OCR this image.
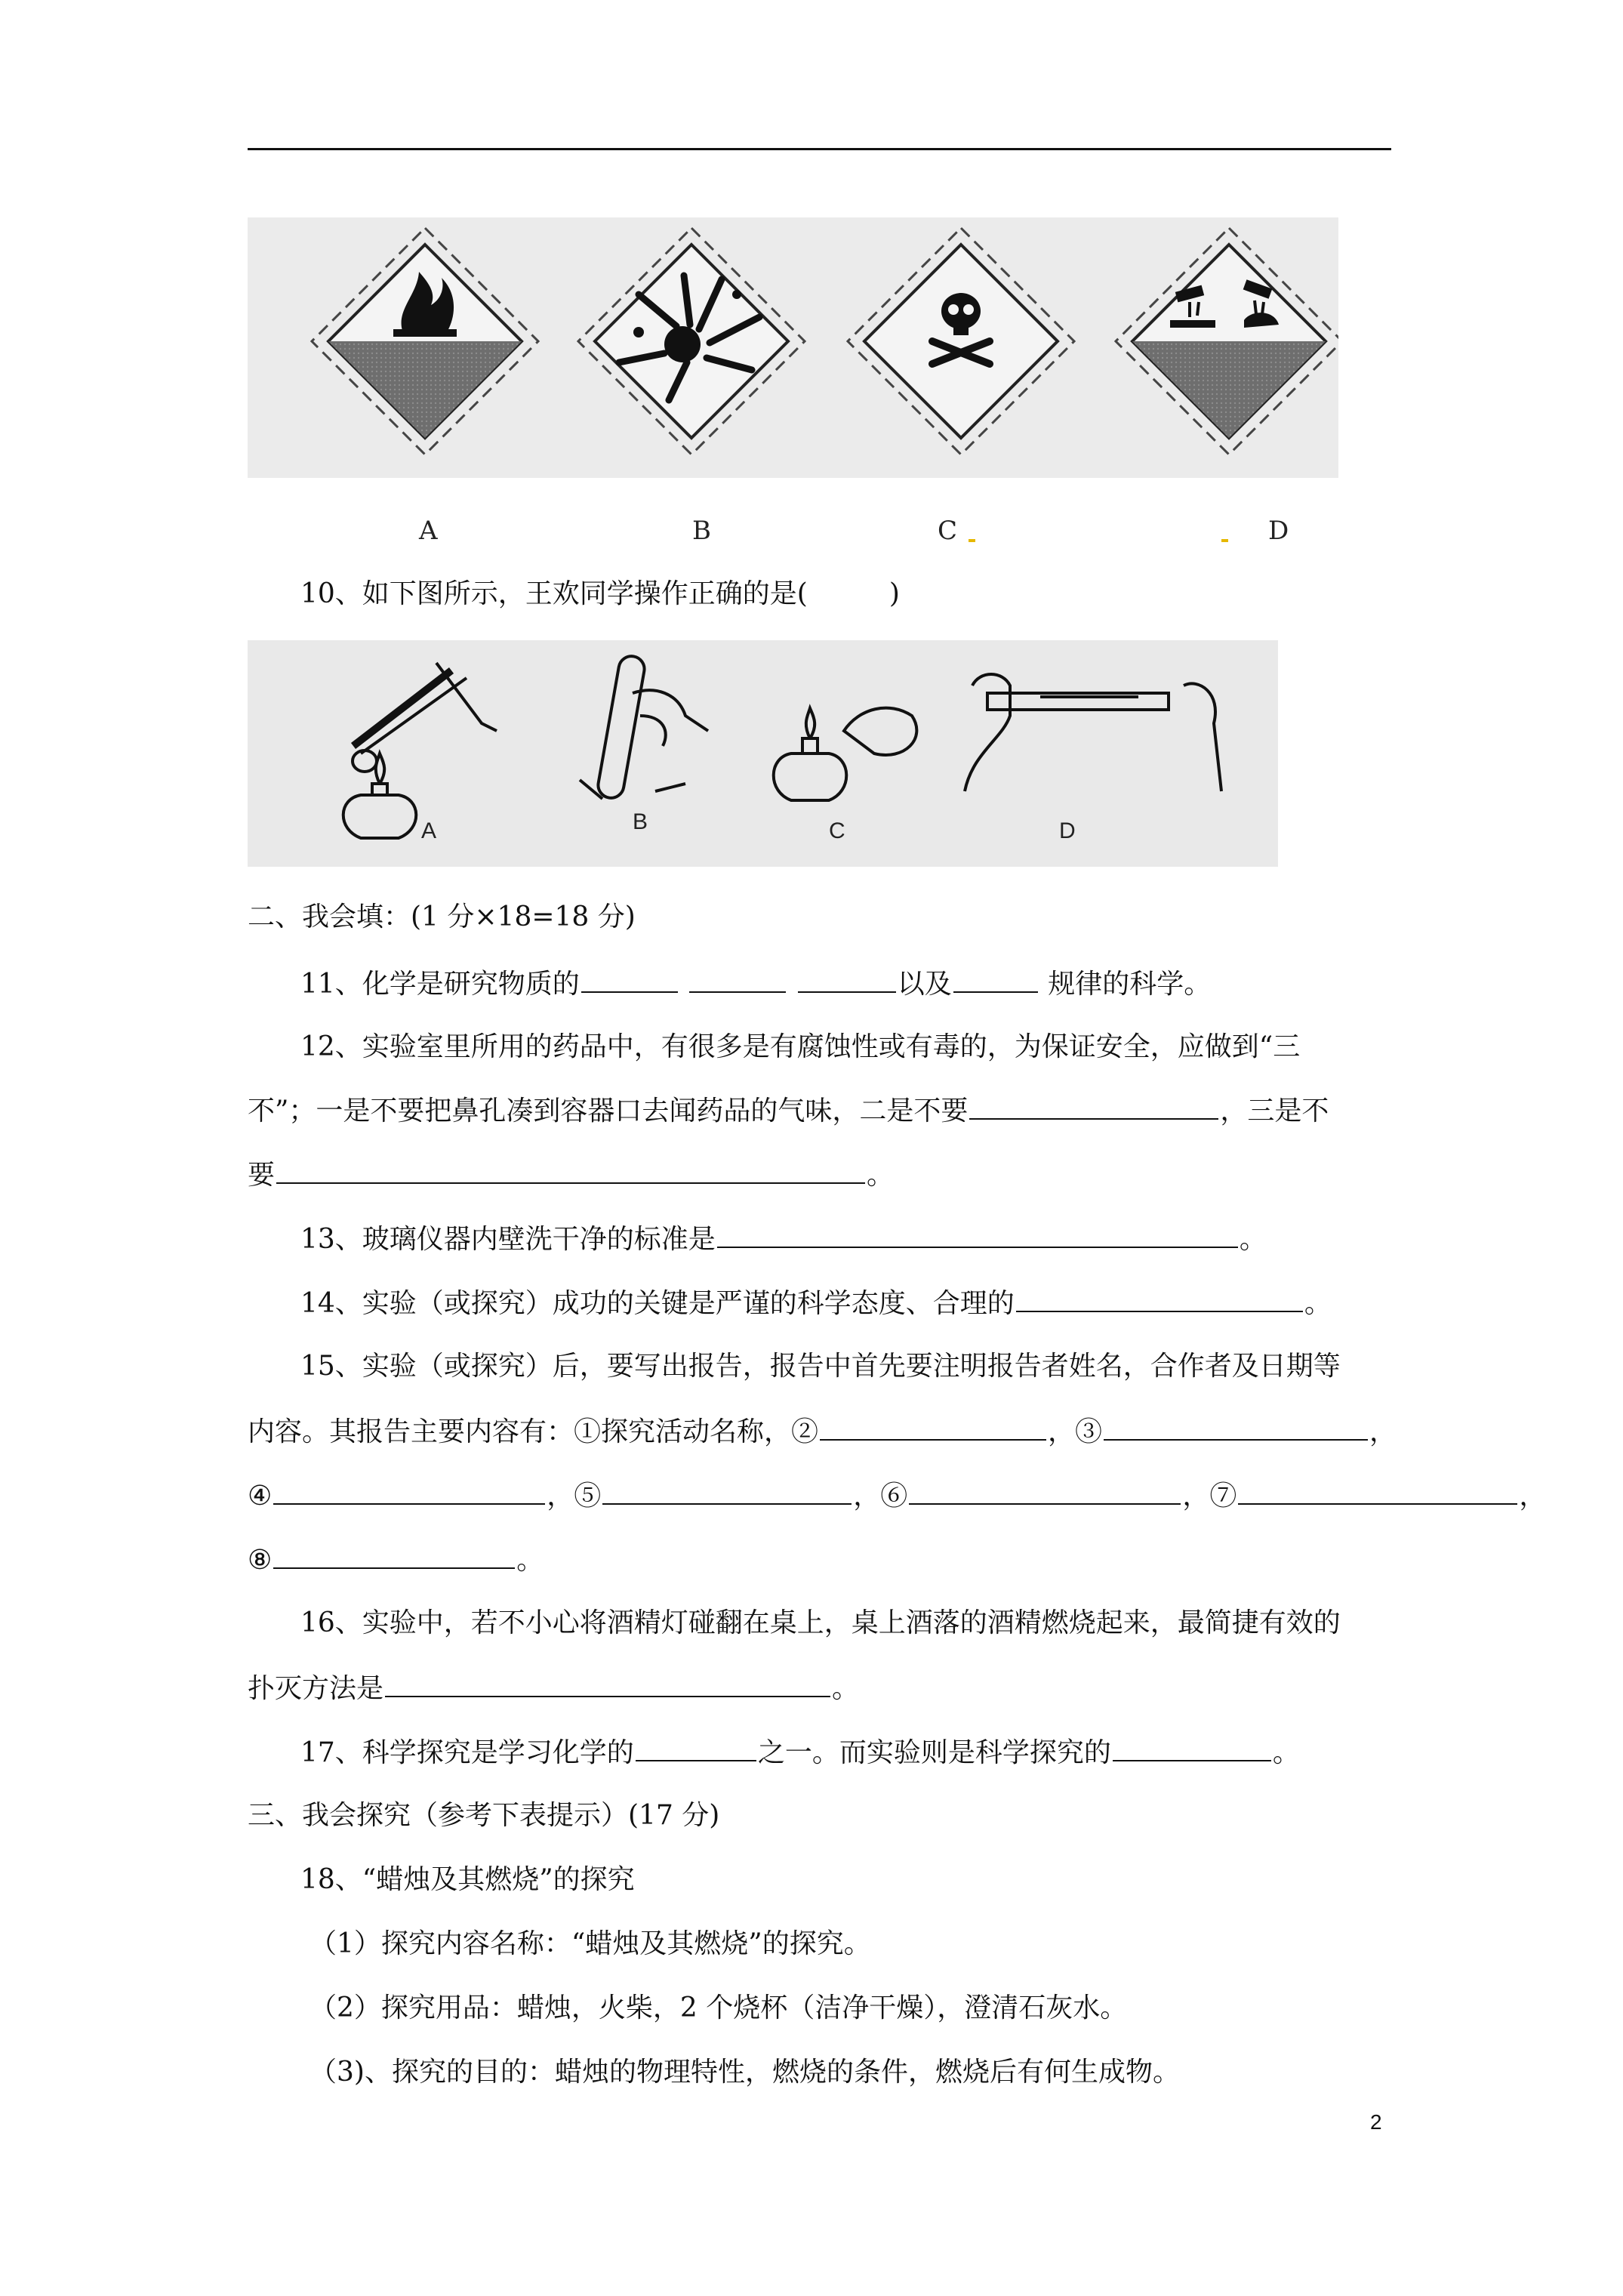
A	B	C	D
10、如下图所示，王欢同学操作正确的是(　　　)
A	B	C	D
二、我会填：(1 分×18=18 分)
11、化学是研究物质的	以及	规律的科学。
12、实验室里所用的药品中，有很多是有腐蚀性或有毒的，为保证安全，应做到“三
不”；一是不要把鼻孔凑到容器口去闻药品的气味，二是不要	，三是不
要	。
13、玻璃仪器内壁洗干净的标准是	。
14、实验（或探究）成功的关键是严谨的科学态度、合理的	。
15、实验（或探究）后，要写出报告，报告中首先要注明报告者姓名，合作者及日期等
内容。其报告主要内容有：①探究活动名称，②	，③	，
④	，⑤	，⑥	，⑦	，
⑧	。
16、实验中，若不小心将酒精灯碰翻在桌上，桌上酒落的酒精燃烧起来，最简捷有效的
扑灭方法是	。
17、科学探究是学习化学的	之一。而实验则是科学探究的	。
三、我会探究（参考下表提示）(17 分)
18、“蜡烛及其燃烧”的探究
（1）探究内容名称：“蜡烛及其燃烧”的探究。
（2）探究用品：蜡烛，火柴，2 个烧杯（洁净干燥），澄清石灰水。
（3)、探究的目的：蜡烛的物理特性，燃烧的条件，燃烧后有何生成物。
2
